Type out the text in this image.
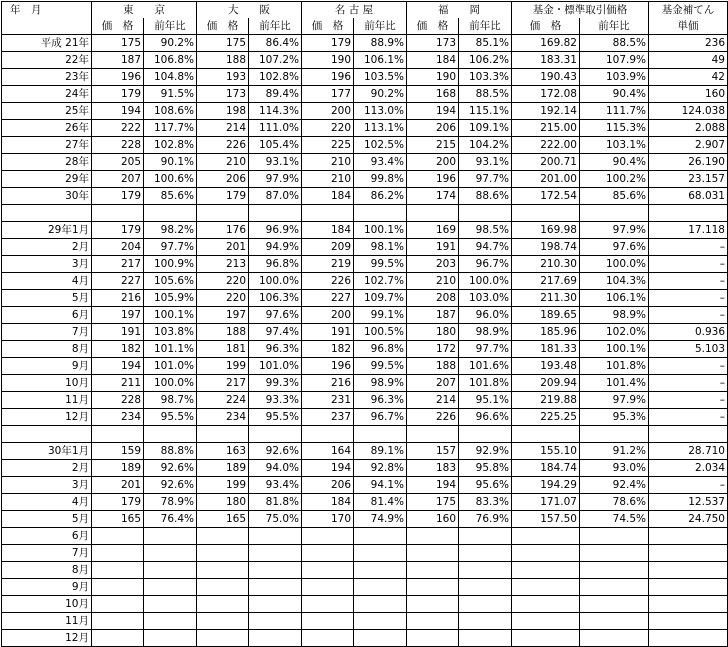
年　月	東　　京		大　　阪		名 古 屋		福　　岡		基金・標準取引価格		基金補てん
	価　格	前年比	価　格	前年比	価　格	前年比	価　格	前年比	価　格	前年比	単価
平成 21年	175	90.2%	175	86.4%	179	88.9%	173	85.1%	169.82	88.5%	236
22年	187	106.8%	188	107.2%	190	106.1%	184	106.2%	183.31	107.9%	49
23年	196	104.8%	193	102.8%	196	103.5%	190	103.3%	190.43	103.9%	42
24年	179	91.5%	173	89.4%	177	90.2%	168	88.5%	172.08	90.4%	160
25年	194	108.6%	198	114.3%	200	113.0%	194	115.1%	192.14	111.7%	124.038
26年	222	117.7%	214	111.0%	220	113.1%	206	109.1%	215.00	115.3%	2.088
27年	228	102.8%	226	105.4%	225	102.5%	215	104.2%	222.00	103.1%	2.907
28年	205	90.1%	210	93.1%	210	93.4%	200	93.1%	200.71	90.4%	26.190
29年	207	100.6%	206	97.9%	210	99.8%	196	97.7%	201.00	100.2%	23.157
30年	179	85.6%	179	87.0%	184	86.2%	174	88.6%	172.54	85.6%	68.031

29年1月	179	98.2%	176	96.9%	184	100.1%	169	98.5%	169.98	97.9%	17.118
2月	204	97.7%	201	94.9%	209	98.1%	191	94.7%	198.74	97.6%	–
3月	217	100.9%	213	96.8%	219	99.5%	203	96.7%	210.30	100.0%	–
4月	227	105.6%	220	100.0%	226	102.7%	210	100.0%	217.69	104.3%	–
5月	216	105.9%	220	106.3%	227	109.7%	208	103.0%	211.30	106.1%	–
6月	197	100.1%	197	97.6%	200	99.1%	187	96.0%	189.65	98.9%	–
7月	191	103.8%	188	97.4%	191	100.5%	180	98.9%	185.96	102.0%	0.936
8月	182	101.1%	181	96.3%	182	96.8%	172	97.7%	181.33	100.1%	5.103
9月	194	101.0%	199	101.0%	196	99.5%	188	101.6%	193.48	101.8%	–
10月	211	100.0%	217	99.3%	216	98.9%	207	101.8%	209.94	101.4%	–
11月	228	98.7%	224	93.3%	231	96.3%	214	95.1%	219.88	97.9%	–
12月	234	95.5%	234	95.5%	237	96.7%	226	96.6%	225.25	95.3%	–

30年1月	159	88.8%	163	92.6%	164	89.1%	157	92.9%	155.10	91.2%	28.710
2月	189	92.6%	189	94.0%	194	92.8%	183	95.8%	184.74	93.0%	2.034
3月	201	92.6%	199	93.4%	206	94.1%	194	95.6%	194.29	92.4%	–
4月	179	78.9%	180	81.8%	184	81.4%	175	83.3%	171.07	78.6%	12.537
5月	165	76.4%	165	75.0%	170	74.9%	160	76.9%	157.50	74.5%	24.750
6月											
7月											
8月											
9月											
10月											
11月											
12月											
